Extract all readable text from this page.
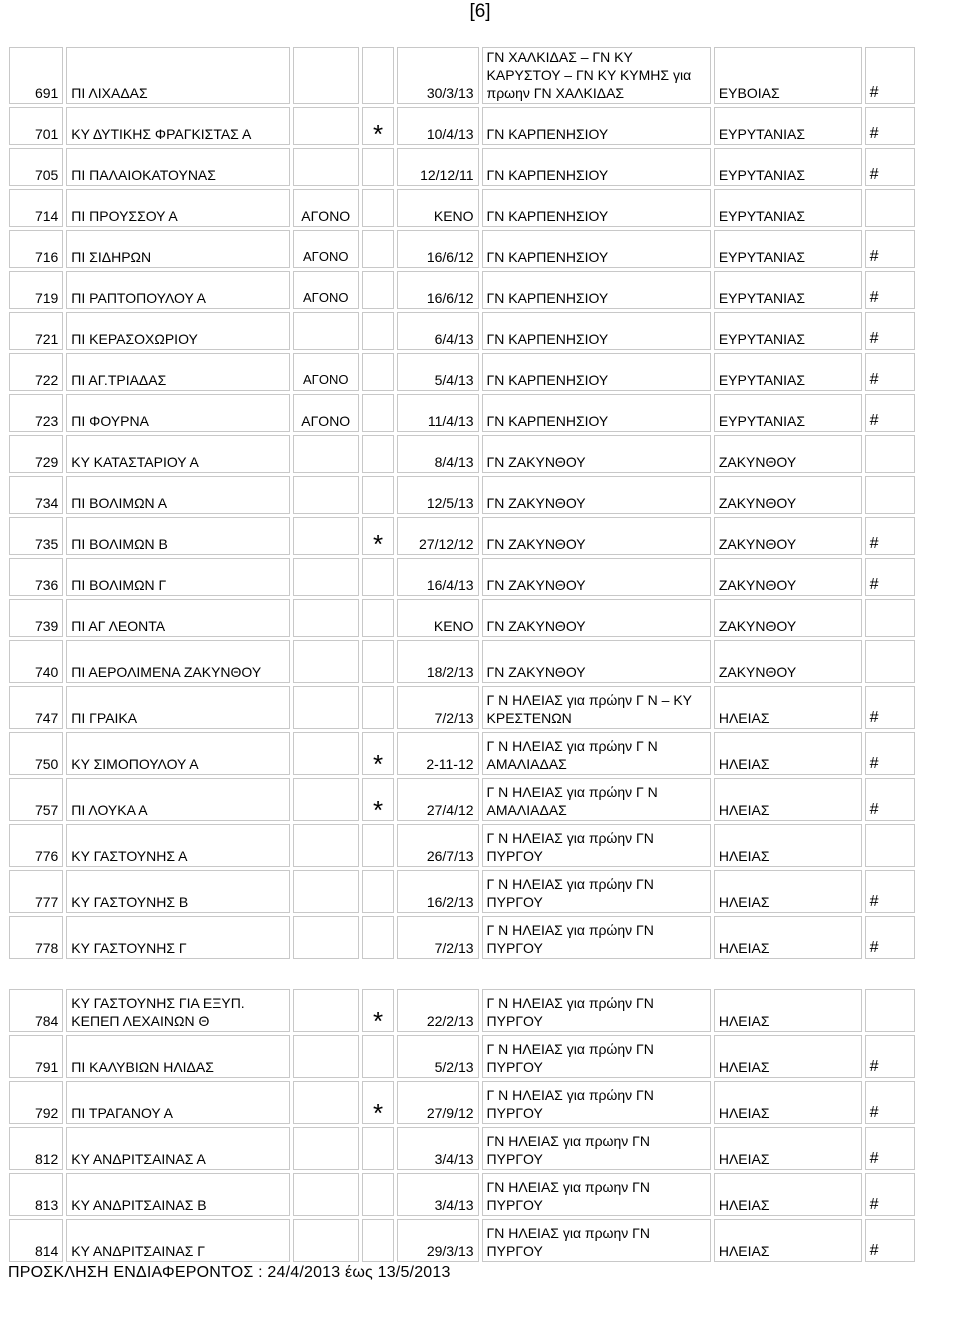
[6]
691	ΠΙ ΛΙΧΑΔΑΣ			30/3/13	ΓΝ ΧΑΛΚΙΔΑΣ – ΓΝ ΚΥ ΚΑΡΥΣΤΟΥ – ΓΝ ΚΥ ΚΥΜΗΣ για πρωην ΓΝ ΧΑΛΚΙΔΑΣ	ΕΥΒΟΙΑΣ	#
701	ΚΥ ΔΥΤΙΚΗΣ ΦΡΑΓΚΙΣΤΑΣ Α		*	10/4/13	ΓΝ ΚΑΡΠΕΝΗΣΙΟΥ	ΕΥΡΥΤΑΝΙΑΣ	#
705	ΠΙ ΠΑΛΑΙΟΚΑΤΟΥΝΑΣ			12/12/11	ΓΝ ΚΑΡΠΕΝΗΣΙΟΥ	ΕΥΡΥΤΑΝΙΑΣ	#
714	ΠΙ ΠΡΟΥΣΣΟΥ Α	ΑΓΟΝΟ		ΚΕΝΟ	ΓΝ ΚΑΡΠΕΝΗΣΙΟΥ	ΕΥΡΥΤΑΝΙΑΣ	
716	ΠΙ ΣΙΔΗΡΩΝ	ΑΓΟΝΟ		16/6/12	ΓΝ ΚΑΡΠΕΝΗΣΙΟΥ	ΕΥΡΥΤΑΝΙΑΣ	#
719	ΠΙ ΡΑΠΤΟΠΟΥΛΟΥ Α	ΑΓΟΝΟ		16/6/12	ΓΝ ΚΑΡΠΕΝΗΣΙΟΥ	ΕΥΡΥΤΑΝΙΑΣ	#
721	ΠΙ ΚΕΡΑΣΟΧΩΡΙΟΥ			6/4/13	ΓΝ ΚΑΡΠΕΝΗΣΙΟΥ	ΕΥΡΥΤΑΝΙΑΣ	#
722	ΠΙ ΑΓ.ΤΡΙΑΔΑΣ	ΑΓΟΝΟ		5/4/13	ΓΝ ΚΑΡΠΕΝΗΣΙΟΥ	ΕΥΡΥΤΑΝΙΑΣ	#
723	ΠΙ ΦΟΥΡΝΑ	ΑΓΟΝΟ		11/4/13	ΓΝ ΚΑΡΠΕΝΗΣΙΟΥ	ΕΥΡΥΤΑΝΙΑΣ	#
729	ΚΥ ΚΑΤΑΣΤΑΡΙΟΥ Α			8/4/13	ΓΝ ΖΑΚΥΝΘΟΥ	ΖΑΚΥΝΘΟΥ	
734	ΠΙ ΒΟΛΙΜΩΝ Α			12/5/13	ΓΝ ΖΑΚΥΝΘΟΥ	ΖΑΚΥΝΘΟΥ	
735	ΠΙ ΒΟΛΙΜΩΝ Β		*	27/12/12	ΓΝ ΖΑΚΥΝΘΟΥ	ΖΑΚΥΝΘΟΥ	#
736	ΠΙ ΒΟΛΙΜΩΝ Γ			16/4/13	ΓΝ ΖΑΚΥΝΘΟΥ	ΖΑΚΥΝΘΟΥ	#
739	ΠΙ ΑΓ ΛΕΟΝΤΑ			ΚΕΝΟ	ΓΝ ΖΑΚΥΝΘΟΥ	ΖΑΚΥΝΘΟΥ	
740	ΠΙ ΑΕΡΟΛΙΜΕΝΑ ΖΑΚΥΝΘΟΥ			18/2/13	ΓΝ ΖΑΚΥΝΘΟΥ	ΖΑΚΥΝΘΟΥ	
747	ΠΙ ΓΡΑΙΚΑ			7/2/13	Γ Ν ΗΛΕΙΑΣ για πρώην Γ Ν – ΚΥ ΚΡΕΣΤΕΝΩΝ	ΗΛΕΙΑΣ	#
750	ΚΥ ΣΙΜΟΠΟΥΛΟΥ Α		*	2-11-12	Γ Ν ΗΛΕΙΑΣ για πρώην Γ Ν ΑΜΑΛΙΑΔΑΣ	ΗΛΕΙΑΣ	#
757	ΠΙ ΛΟΥΚΑ Α		*	27/4/12	Γ Ν ΗΛΕΙΑΣ για πρώην Γ Ν ΑΜΑΛΙΑΔΑΣ	ΗΛΕΙΑΣ	#
776	ΚΥ ΓΑΣΤΟΥΝΗΣ Α			26/7/13	Γ Ν ΗΛΕΙΑΣ για πρώην ΓΝ ΠΥΡΓΟΥ	ΗΛΕΙΑΣ	
777	ΚΥ ΓΑΣΤΟΥΝΗΣ Β			16/2/13	Γ Ν ΗΛΕΙΑΣ για πρώην ΓΝ ΠΥΡΓΟΥ	ΗΛΕΙΑΣ	#
778	ΚΥ ΓΑΣΤΟΥΝΗΣ Γ			7/2/13	Γ Ν ΗΛΕΙΑΣ για πρώην ΓΝ ΠΥΡΓΟΥ	ΗΛΕΙΑΣ	#
784	ΚΥ ΓΑΣΤΟΥΝΗΣ ΓΙΑ ΕΞΥΠ. ΚΕΠΕΠ ΛΕΧΑΙΝΩΝ Θ		*	22/2/13	Γ Ν ΗΛΕΙΑΣ για πρώην ΓΝ ΠΥΡΓΟΥ	ΗΛΕΙΑΣ	
791	ΠΙ ΚΑΛΥΒΙΩΝ ΗΛΙΔΑΣ			5/2/13	Γ Ν ΗΛΕΙΑΣ για πρώην ΓΝ ΠΥΡΓΟΥ	ΗΛΕΙΑΣ	#
792	ΠΙ ΤΡΑΓΑΝΟΥ Α		*	27/9/12	Γ Ν ΗΛΕΙΑΣ για πρώην ΓΝ ΠΥΡΓΟΥ	ΗΛΕΙΑΣ	#
812	ΚΥ ΑΝΔΡΙΤΣΑΙΝΑΣ Α			3/4/13	ΓΝ ΗΛΕΙΑΣ για πρωην ΓΝ ΠΥΡΓΟΥ	ΗΛΕΙΑΣ	#
813	ΚΥ ΑΝΔΡΙΤΣΑΙΝΑΣ Β			3/4/13	ΓΝ ΗΛΕΙΑΣ για πρωην ΓΝ ΠΥΡΓΟΥ	ΗΛΕΙΑΣ	#
814	ΚΥ ΑΝΔΡΙΤΣΑΙΝΑΣ Γ			29/3/13	ΓΝ ΗΛΕΙΑΣ για πρωην ΓΝ ΠΥΡΓΟΥ	ΗΛΕΙΑΣ	#
ΠΡΟΣΚΛΗΣΗ ΕΝΔΙΑΦΕΡΟΝΤΟΣ : 24/4/2013 έως 13/5/2013
